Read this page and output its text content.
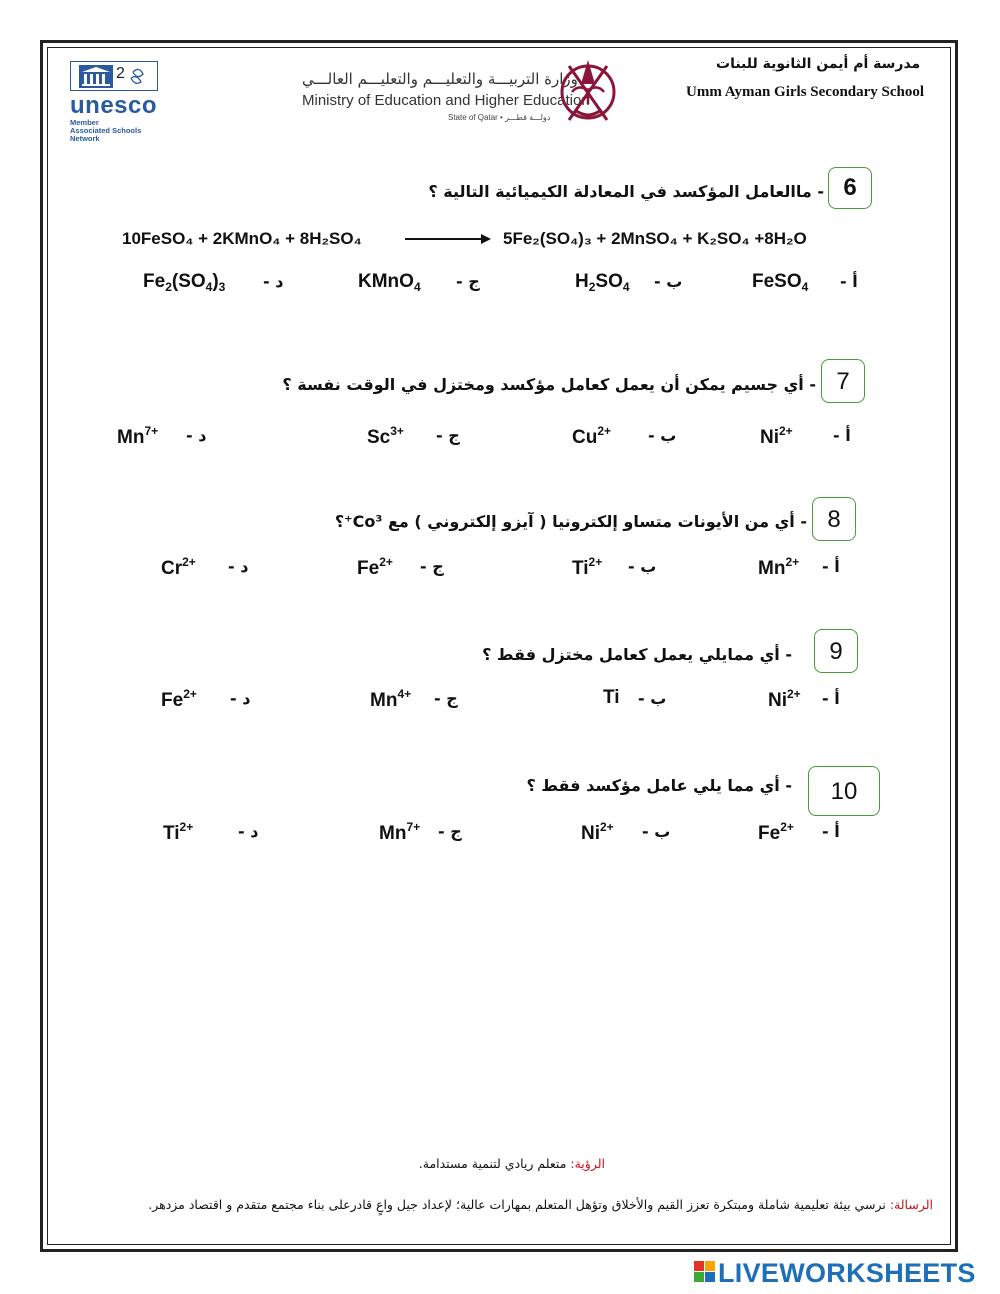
2
unesco
Member
Associated Schools
Network
وزارة التربيـــة والتعليـــم والتعليـــم العالـــي
Ministry of Education and Higher Education
State of Qatar • دولـــة قطـــر
مدرسة أم أيمن الثانوية للبنات
Umm Ayman Girls Secondary School
6
- ماالعامل المؤكسد في المعادلة الكيميائية التالية ؟
10FeSO₄ + 2KMnO₄ + 8H₂SO₄	5Fe₂(SO₄)₃ + 2MnSO₄ + K₂SO₄ +8H₂O
أ -
FeSO$_4$
ب -
$H_2SO_4$
ج -
KMnO$_4$
د -
$Fe_2(SO_4)_3$
7
- أي جسيم يمكن أن يعمل كعامل مؤكسد ومختزل في الوقت نفسة ؟
أ -
$Ni^{2+}$
ب -
$Cu^{2+}$
ج -
$Sc^{3+}$
د -
$Mn^{7+}$
8
- أي من الأيونات متساو إلكترونيا ( آيزو إلكتروني ) مع Co³⁺؟
أ -
$Mn^{2+}$
ب -
$Ti^{2+}$
ج -
$Fe^{2+}$
د -
$Cr^{2+}$
9
- أي ممايلي يعمل كعامل مختزل فقط ؟
أ -
$Ni^{2+}$
ب -
Ti
ج -
$Mn^{4+}$
د -
$Fe^{2+}$
10
- أي مما يلي عامل مؤكسد فقط ؟
أ -
$Fe^{2+}$
ب -
$Ni^{2+}$
ج -
$Mn^{7+}$
د -
$Ti^{2+}$
الرؤية: متعلم ريادي لتنمية مستدامة.
الرسالة: نرسي بيئة تعليمية شاملة ومبتكرة تعزز القيم والأخلاق وتؤهل المتعلم بمهارات عالية؛ لإعداد جيل واعٍ قادرعلى بناء مجتمع متقدم و اقتصاد مزدهر.
LIVEWORKSHEETS
